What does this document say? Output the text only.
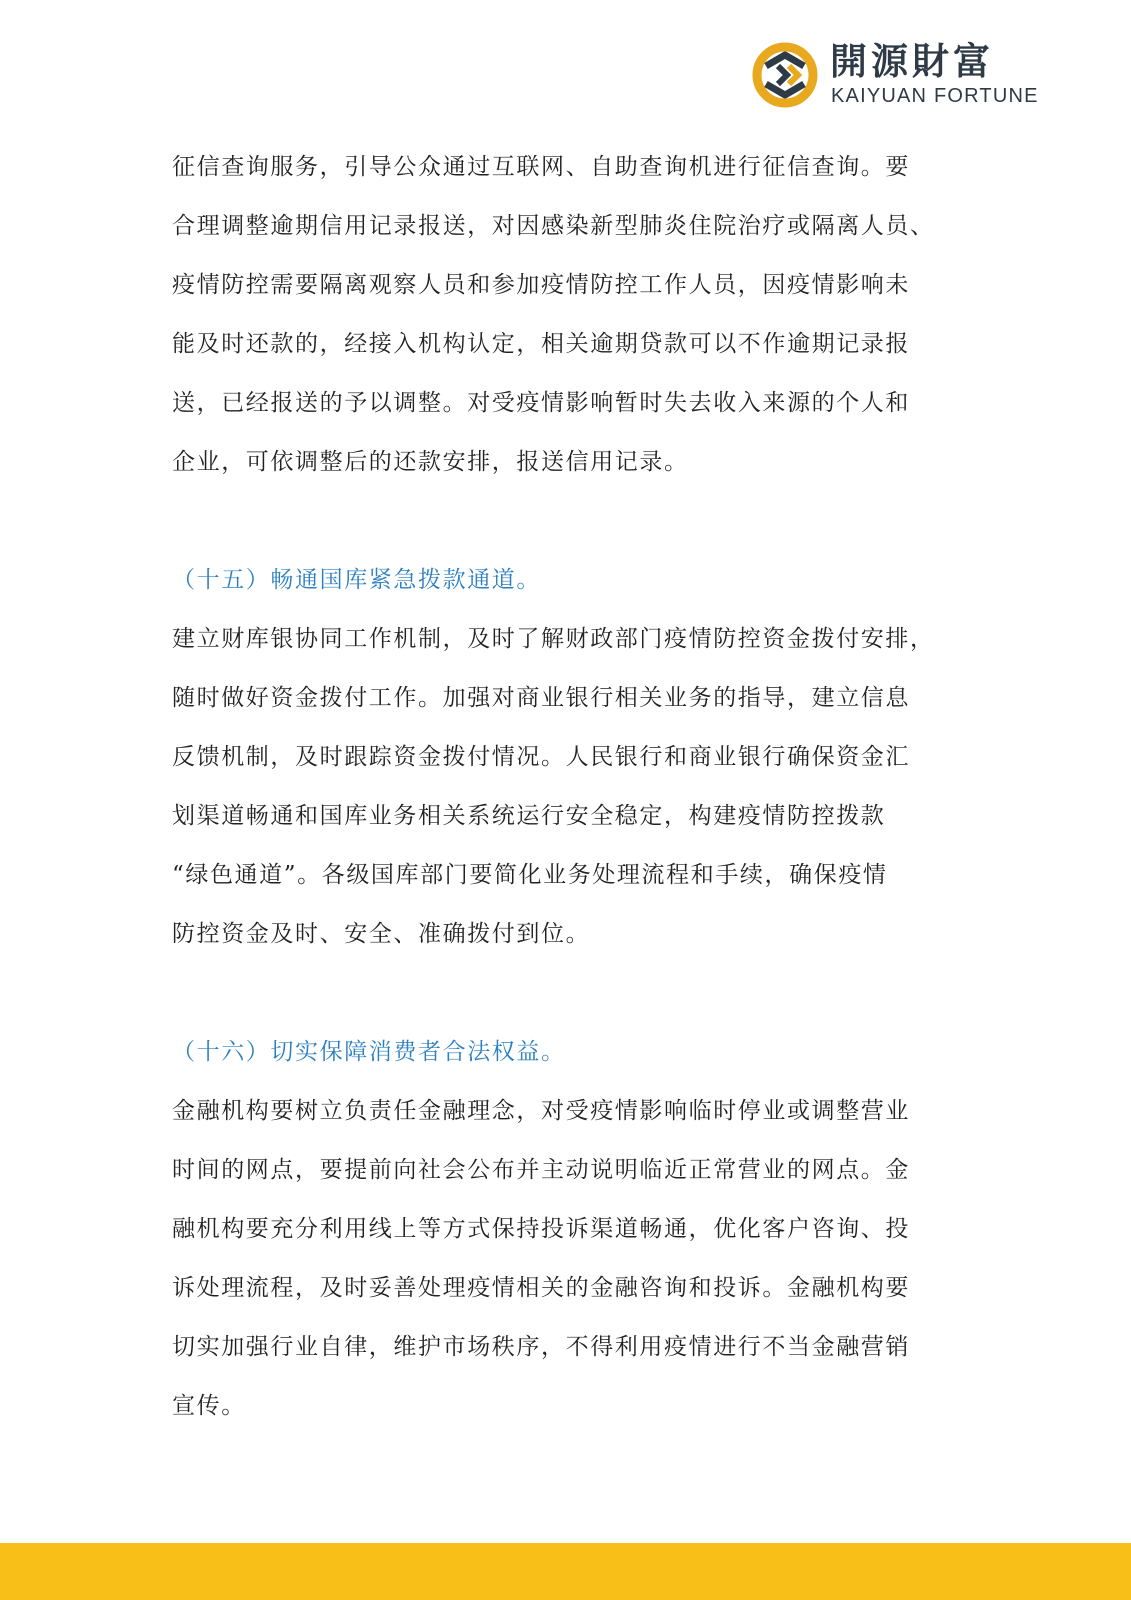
開源財富
KAIYUAN FORTUNE

征信查询服务，引导公众通过互联网、自助查询机进行征信查询。要
合理调整逾期信用记录报送，对因感染新型肺炎住院治疗或隔离人员、
疫情防控需要隔离观察人员和参加疫情防控工作人员，因疫情影响未
能及时还款的，经接入机构认定，相关逾期贷款可以不作逾期记录报
送，已经报送的予以调整。对受疫情影响暂时失去收入来源的个人和
企业，可依调整后的还款安排，报送信用记录。

（十五）畅通国库紧急拨款通道。

建立财库银协同工作机制，及时了解财政部门疫情防控资金拨付安排，
随时做好资金拨付工作。加强对商业银行相关业务的指导，建立信息
反馈机制，及时跟踪资金拨付情况。人民银行和商业银行确保资金汇
划渠道畅通和国库业务相关系统运行安全稳定，构建疫情防控拨款
“绿色通道”。各级国库部门要简化业务处理流程和手续，确保疫情
防控资金及时、安全、准确拨付到位。

（十六）切实保障消费者合法权益。

金融机构要树立负责任金融理念，对受疫情影响临时停业或调整营业
时间的网点，要提前向社会公布并主动说明临近正常营业的网点。金
融机构要充分利用线上等方式保持投诉渠道畅通，优化客户咨询、投
诉处理流程，及时妥善处理疫情相关的金融咨询和投诉。金融机构要
切实加强行业自律，维护市场秩序，不得利用疫情进行不当金融营销
宣传。
